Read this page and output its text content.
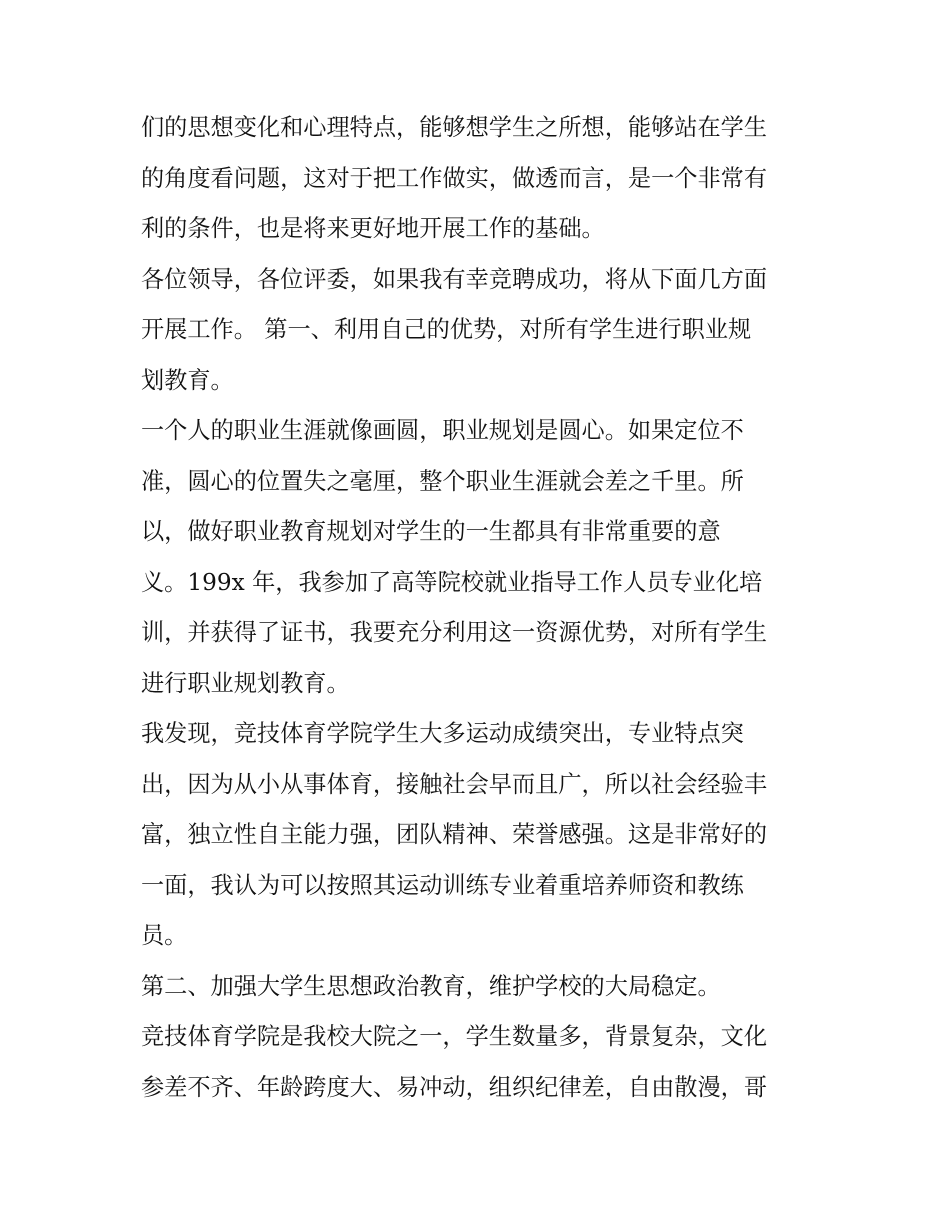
们的思想变化和心理特点，能够想学生之所想，能够站在学生
的角度看问题，这对于把工作做实，做透而言，是一个非常有
利的条件，也是将来更好地开展工作的基础。

各位领导，各位评委，如果我有幸竞聘成功，将从下面几方面
开展工作。 第一、利用自己的优势，对所有学生进行职业规
划教育。

一个人的职业生涯就像画圆，职业规划是圆心。如果定位不
准，圆心的位置失之毫厘，整个职业生涯就会差之千里。所
以，做好职业教育规划对学生的一生都具有非常重要的意
义。199x 年，我参加了高等院校就业指导工作人员专业化培
训，并获得了证书，我要充分利用这一资源优势，对所有学生
进行职业规划教育。

我发现，竞技体育学院学生大多运动成绩突出，专业特点突
出，因为从小从事体育，接触社会早而且广，所以社会经验丰
富，独立性自主能力强，团队精神、荣誉感强。这是非常好的
一面，我认为可以按照其运动训练专业着重培养师资和教练
员。

第二、加强大学生思想政治教育，维护学校的大局稳定。

竞技体育学院是我校大院之一，学生数量多，背景复杂，文化
参差不齐、年龄跨度大、易冲动，组织纪律差，自由散漫，哥
